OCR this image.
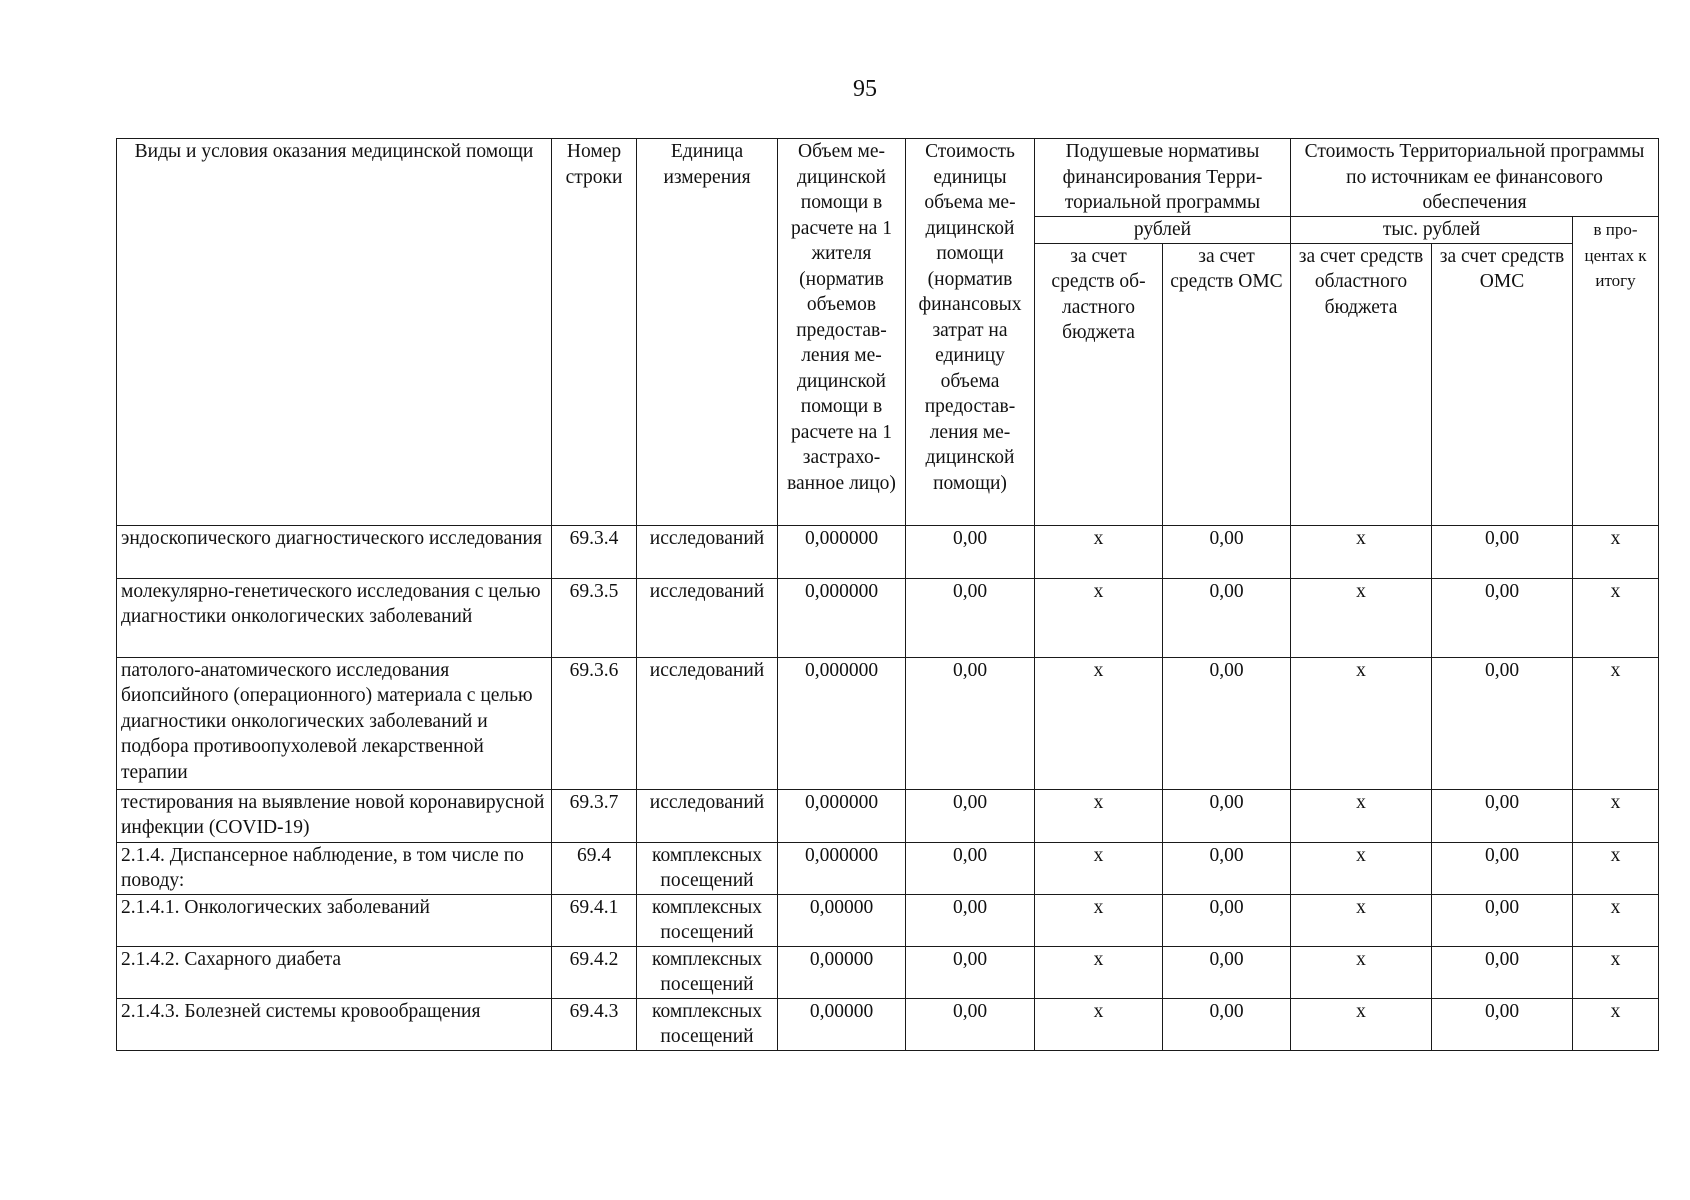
95
Виды и условия оказания медицинской помощи	Номер строки	Единица измерения	Объем медицинской помощи в расчете на 1 жителя (норматив объемов предоставления медицинской помощи в расчете на 1 застрахованное лицо)	Стоимость единицы объема медицинской помощи (норматив финансовых затрат на единицу объема предоставления медицинской помощи)	Подушевые нормативы финансирования Территориальной программы		Стоимость Территориальной программы по источникам ее финансового обеспечения		
					рублей		тыс. рублей		в процентах к итогу
					за счет средств областного бюджета	за счет средств ОМС	за счет средств областного бюджета	за счет средств ОМС	
эндоскопического диагностического исследования	69.3.4	исследований	0,000000	0,00	х	0,00	х	0,00	х
молекулярно-генетического исследования с целью диагностики онкологических заболеваний	69.3.5	исследований	0,000000	0,00	х	0,00	х	0,00	х
патолого-анатомического исследования биопсийного (операционного) материала с целью диагностики онкологических заболеваний и подбора противоопухолевой лекарственной терапии	69.3.6	исследований	0,000000	0,00	х	0,00	х	0,00	х
тестирования на выявление новой коронавирусной инфекции (COVID-19)	69.3.7	исследований	0,000000	0,00	х	0,00	х	0,00	х
2.1.4. Диспансерное наблюдение, в том числе по поводу:	69.4	комплексных посещений	0,000000	0,00	х	0,00	х	0,00	х
2.1.4.1. Онкологических заболеваний	69.4.1	комплексных посещений	0,00000	0,00	х	0,00	х	0,00	х
2.1.4.2. Сахарного диабета	69.4.2	комплексных посещений	0,00000	0,00	х	0,00	х	0,00	х
2.1.4.3. Болезней системы кровообращения	69.4.3	комплексных посещений	0,00000	0,00	х	0,00	х	0,00	х
